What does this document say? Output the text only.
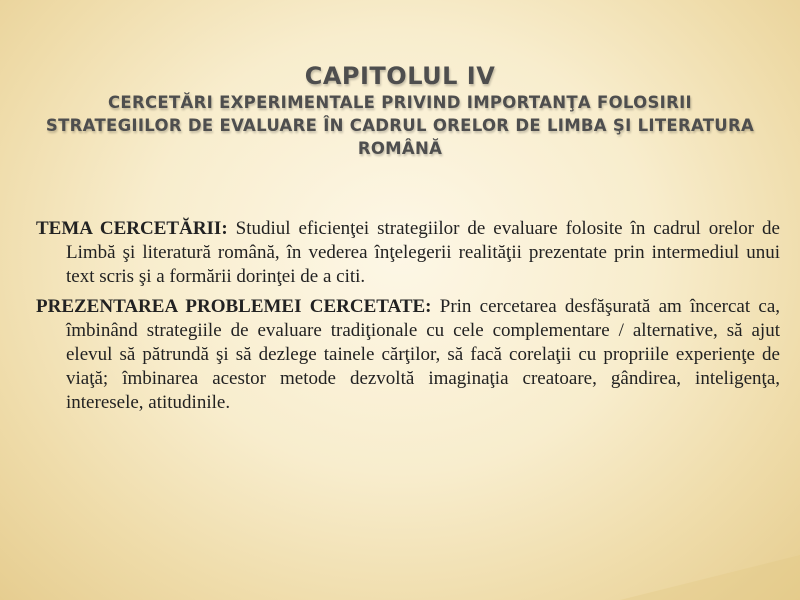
CAPITOLUL IV
CERCETĂRI EXPERIMENTALE PRIVIND IMPORTANŢA FOLOSIRII STRATEGIILOR DE EVALUARE ÎN CADRUL ORELOR DE LIMBA ŞI LITERATURA ROMÂNĂ

TEMA CERCETĂRII: Studiul eficienţei strategiilor de evaluare folosite în cadrul orelor de Limbă şi literatură română, în vederea înţelegerii realităţii prezentate prin intermediul unui text scris şi a formării dorinţei de a citi.

PREZENTAREA PROBLEMEI CERCETATE: Prin cercetarea desfăşurată am încercat ca, îmbinând strategiile de evaluare tradiţionale cu cele complementare / alternative, să ajut elevul să pătrundă şi să dezlege tainele cărţilor, să facă corelaţii cu propriile experienţe de viaţă; îmbinarea acestor metode dezvoltă imaginaţia creatoare, gândirea, inteligenţa, interesele, atitudinile.
